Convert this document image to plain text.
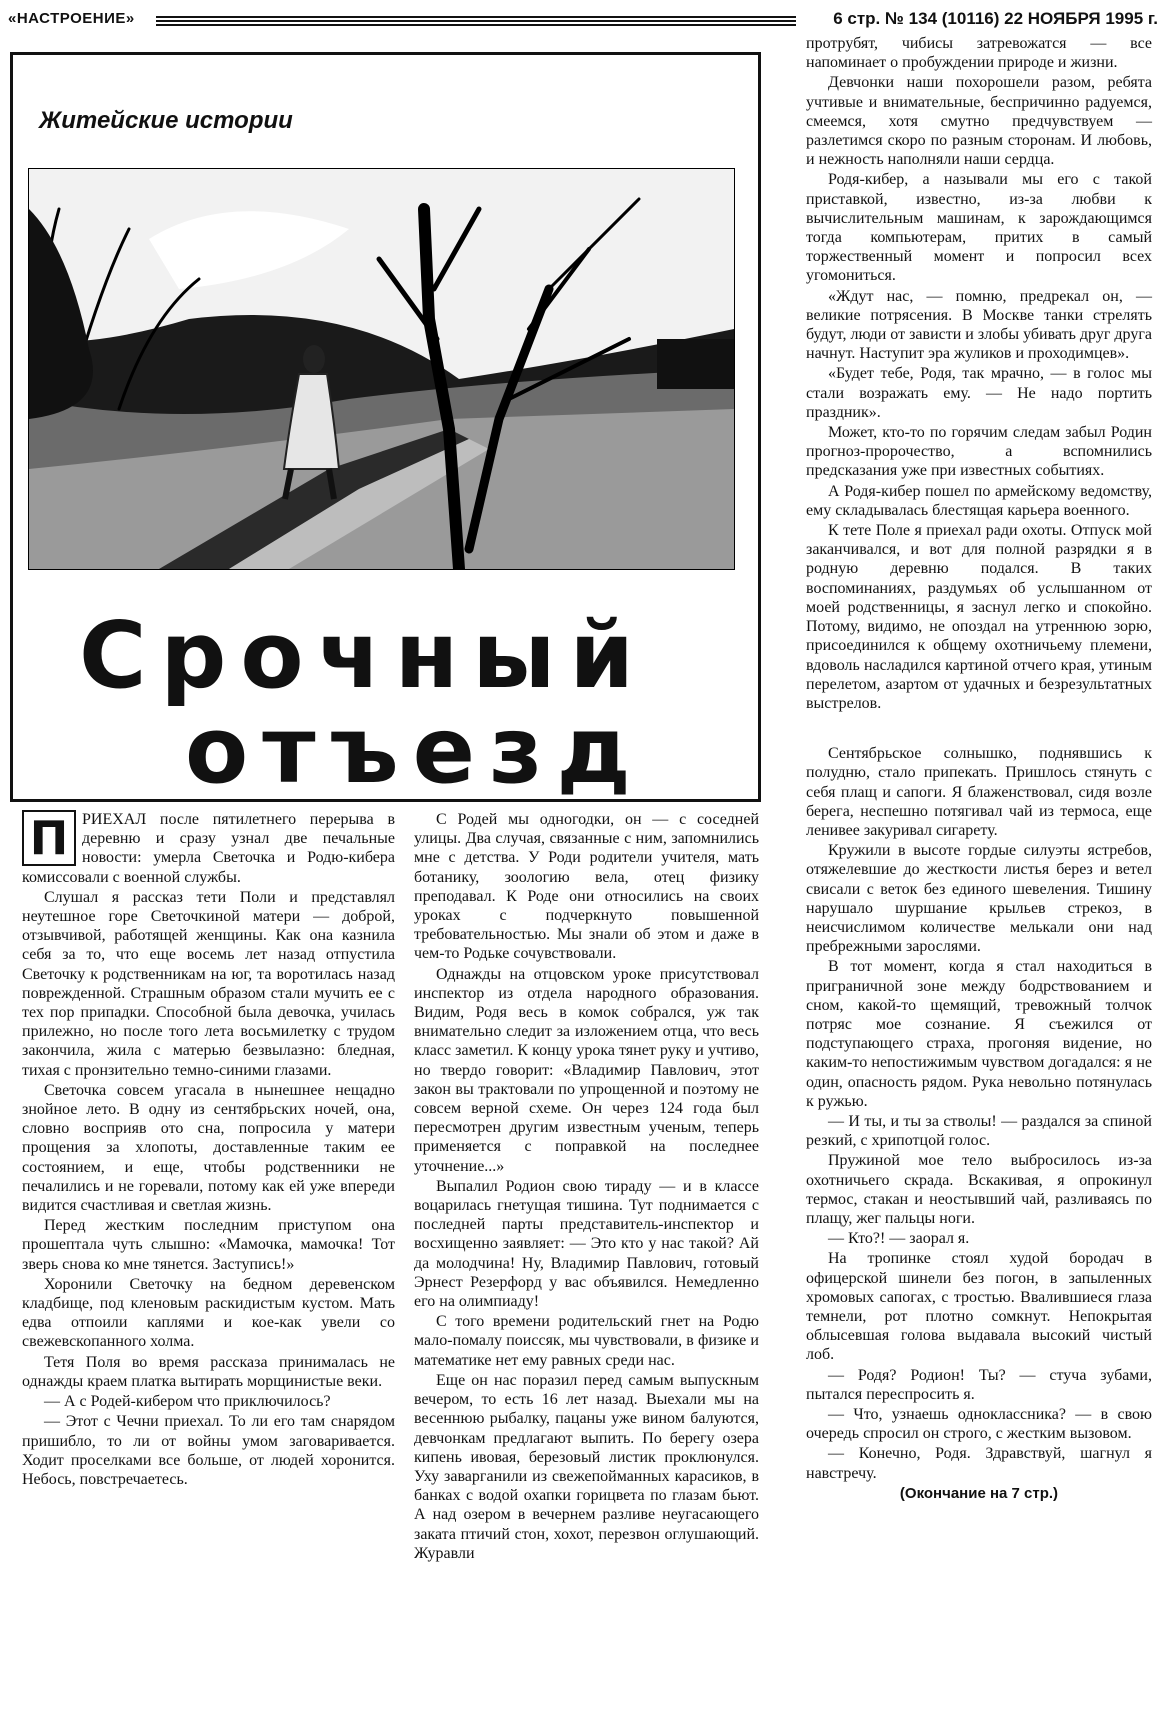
«НАСТРОЕНИЕ»	6 стр. № 134 (10116) 22 НОЯБРЯ 1995 г.
Житейские истории
Срочный
отъезд
П РИЕХАЛ после пятилетнего перерыва в деревню и сразу узнал две печальные новости: умерла Светочка и Родю-кибера комиссовали с военной службы.

Слушал я рассказ тети Поли и представлял неутешное горе Светочкиной матери — доброй, отзывчивой, работящей женщины. Как она казнила себя за то, что еще восемь лет назад отпустила Светочку к родственникам на юг, та воротилась назад поврежденной. Страшным образом стали мучить ее с тех пор припадки. Способной была девочка, училась прилежно, но после того лета восьмилетку с трудом закончила, жила с матерью безвылазно: бледная, тихая с пронзительно темно-синими глазами.

Светочка совсем угасала в нынешнее нещадно знойное лето. В одну из сентябрьских ночей, она, словно восприяв ото сна, попросила у матери прощения за хлопоты, доставленные таким ее состоянием, и еще, чтобы родственники не печалились и не горевали, потому как ей уже впереди видится счастливая и светлая жизнь.

Перед жестким последним приступом она прошептала чуть слышно: «Мамочка, мамочка! Тот зверь снова ко мне тянется. Заступись!»

Хоронили Светочку на бедном деревенском кладбище, под кленовым раскидистым кустом. Мать едва отпоили каплями и кое-как увели со свежевскопанного холма.

Тетя Поля во время рассказа принималась не однажды краем платка вытирать морщинистые веки.

— А с Родей-кибером что приключилось?

— Этот с Чечни приехал. То ли его там снарядом пришибло, то ли от войны умом заговаривается. Ходит проселками все больше, от людей хоронится. Небось, повстречаетесь.

С Родей мы одногодки, он — с соседней улицы. Два случая, связанные с ним, запомнились мне с детства. У Роди родители учителя, мать ботанику, зоологию вела, отец физику преподавал. К Роде они относились на своих уроках с подчеркнуто повышенной требовательностью. Мы знали об этом и даже в чем-то Родьке сочувствовали.

Однажды на отцовском уроке присутствовал инспектор из отдела народного образования. Видим, Родя весь в комок собрался, уж так внимательно следит за изложением отца, что весь класс заметил. К концу урока тянет руку и учтиво, но твердо говорит: «Владимир Павлович, этот закон вы трактовали по упрощенной и поэтому не совсем верной схеме. Он через 124 года был пересмотрен другим известным ученым, теперь применяется с поправкой на последнее уточнение...»

Выпалил Родион свою тираду — и в классе воцарилась гнетущая тишина. Тут поднимается с последней парты представитель-инспектор и восхищенно заявляет: — Это кто у нас такой? Ай да молодчина! Ну, Владимир Павлович, готовый Эрнест Резерфорд у вас объявился. Немедленно его на олимпиаду!

С того времени родительский гнет на Родю мало-помалу поиссяк, мы чувствовали, в физике и математике нет ему равных среди нас.

Еще он нас поразил перед самым выпускным вечером, то есть 16 лет назад. Выехали мы на весеннюю рыбалку, пацаны уже вином балуются, девчонкам предлагают выпить. По берегу озера кипень ивовая, березовый листик проклюнулся. Уху заварганили из свежепойманных карасиков, в банках с водой охапки горицвета по глазам бьют. А над озером в вечернем разливе неугасающего заката птичий стон, хохот, перезвон оглушающий. Журавли

протрубят, чибисы затревожатся — все напоминает о пробуждении природе и жизни.

Девчонки наши похорошели разом, ребята учтивые и внимательные, беспричинно радуемся, смеемся, хотя смутно предчувствуем — разлетимся скоро по разным сторонам. И любовь, и нежность наполняли наши сердца.

Родя-кибер, а называли мы его с такой приставкой, известно, из-за любви к вычислительным машинам, к зарождающимся тогда компьютерам, притих в самый торжественный момент и попросил всех угомониться.

«Ждут нас, — помню, предрекал он, — великие потрясения. В Москве танки стрелять будут, люди от зависти и злобы убивать друг друга начнут. Наступит эра жуликов и проходимцев».

«Будет тебе, Родя, так мрачно, — в голос мы стали возражать ему. — Не надо портить праздник».

Может, кто-то по горячим следам забыл Родин прогноз-пророчество, а вспомнились предсказания уже при известных событиях.

А Родя-кибер пошел по армейскому ведомству, ему складывалась блестящая карьера военного.

К тете Поле я приехал ради охоты. Отпуск мой заканчивался, и вот для полной разрядки я в родную деревню подался. В таких воспоминаниях, раздумьях об услышанном от моей родственницы, я заснул легко и спокойно. Потому, видимо, не опоздал на утреннюю зорю, присоединился к общему охотничьему племени, вдоволь насладился картиной отчего края, утиным перелетом, азартом от удачных и безрезультатных выстрелов.

Сентябрьское солнышко, поднявшись к полудню, стало припекать. Пришлось стянуть с себя плащ и сапоги. Я блаженствовал, сидя возле берега, неспешно потягивал чай из термоса, еще ленивее закуривал сигарету.

Кружили в высоте гордые силуэты ястребов, отяжелевшие до жесткости листья берез и ветел свисали с веток без единого шевеления. Тишину нарушало шуршание крыльев стрекоз, в неисчислимом количестве мелькали они над пребрежными зарослями.

В тот момент, когда я стал находиться в приграничной зоне между бодрствованием и сном, какой-то щемящий, тревожный толчок потряс мое сознание. Я съежился от подступающего страха, прогоняя видение, но каким-то непостижимым чувством догадался: я не один, опасность рядом. Рука невольно потянулась к ружью.

— И ты, и ты за стволы! — раздался за спиной резкий, с хрипотцой голос.

Пружиной мое тело выбросилось из-за охотничьего скрада. Вскакивая, я опрокинул термос, стакан и неостывший чай, разливаясь по плащу, жег пальцы ноги.

— Кто?! — заорал я.

На тропинке стоял худой бородач в офицерской шинели без погон, в запыленных хромовых сапогах, с тростью. Ввалившиеся глаза темнели, рот плотно сомкнут. Непокрытая облысевшая голова выдавала высокий чистый лоб.

— Родя? Родион! Ты? — стуча зубами, пытался переспросить я.

— Что, узнаешь одноклассника? — в свою очередь спросил он строго, с жестким вызовом.

— Конечно, Родя. Здравствуй, шагнул я навстречу.

(Окончание на 7 стр.)
